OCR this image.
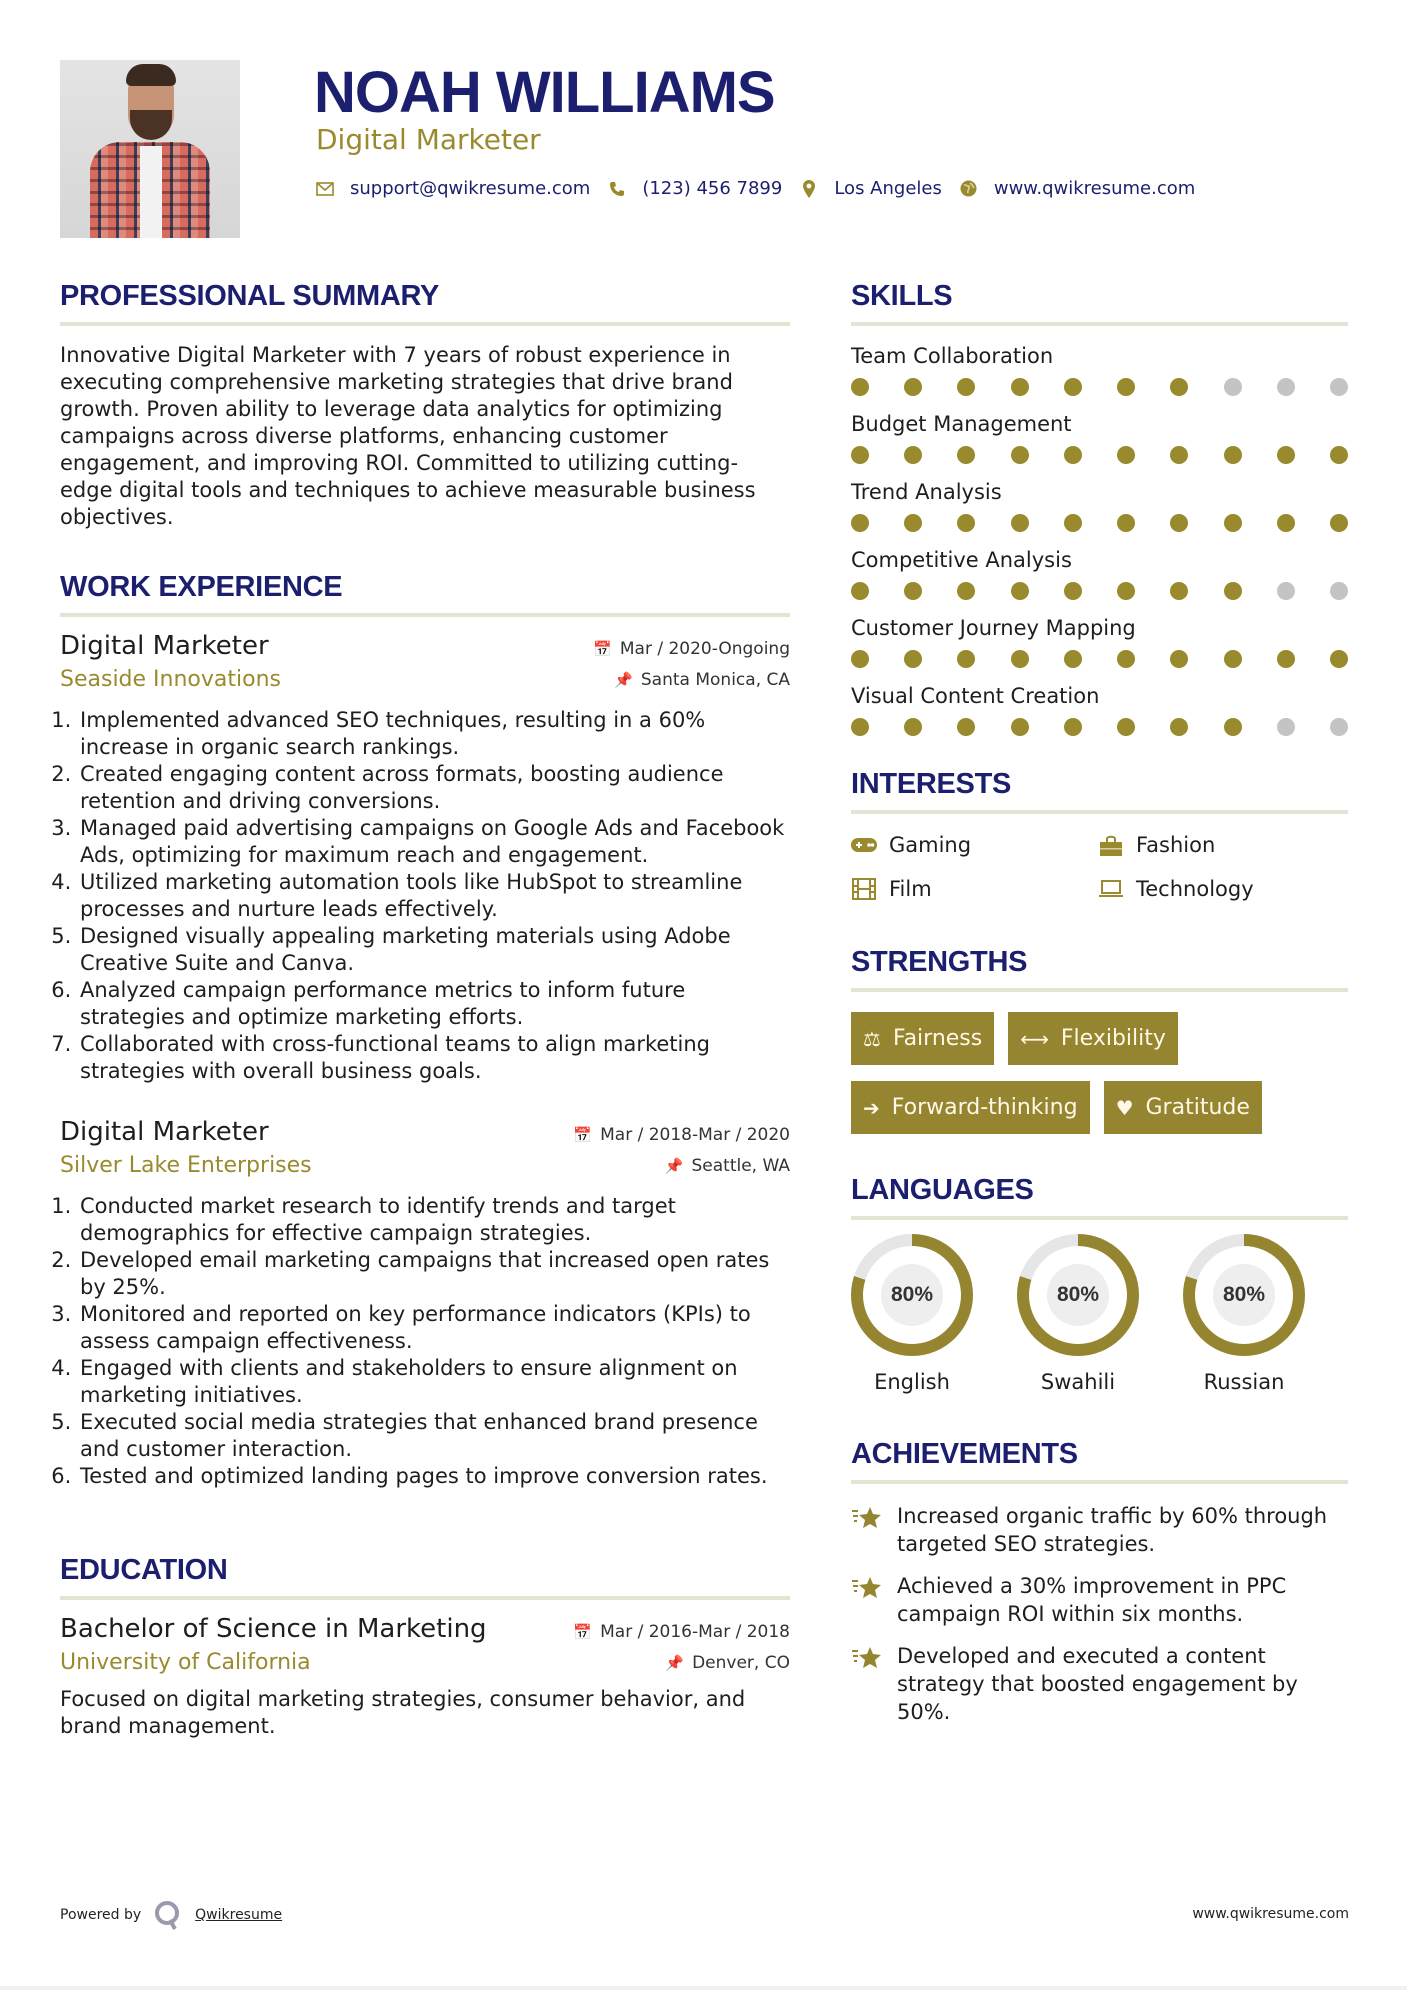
NOAH WILLIAMS
Digital Marketer
support@qwikresume.com	(123) 456 7899	Los Angeles	www.qwikresume.com
PROFESSIONAL SUMMARY

Innovative Digital Marketer with 7 years of robust experience in executing comprehensive marketing strategies that drive brand growth. Proven ability to leverage data analytics for optimizing campaigns across diverse platforms, enhancing customer engagement, and improving ROI. Committed to utilizing cutting-edge digital tools and techniques to achieve measurable business objectives.

WORK EXPERIENCE
Digital Marketer	📅 Mar / 2020-Ongoing
Seaside Innovations	📌 Santa Monica, CA
1. Implemented advanced SEO techniques, resulting in a 60% increase in organic search rankings.
2. Created engaging content across formats, boosting audience retention and driving conversions.
3. Managed paid advertising campaigns on Google Ads and Facebook Ads, optimizing for maximum reach and engagement.
4. Utilized marketing automation tools like HubSpot to streamline processes and nurture leads effectively.
5. Designed visually appealing marketing materials using Adobe Creative Suite and Canva.
6. Analyzed campaign performance metrics to inform future strategies and optimize marketing efforts.
7. Collaborated with cross-functional teams to align marketing strategies with overall business goals.
Digital Marketer	📅 Mar / 2018-Mar / 2020
Silver Lake Enterprises	📌 Seattle, WA
1. Conducted market research to identify trends and target demographics for effective campaign strategies.
2. Developed email marketing campaigns that increased open rates by 25%.
3. Monitored and reported on key performance indicators (KPIs) to assess campaign effectiveness.
4. Engaged with clients and stakeholders to ensure alignment on marketing initiatives.
5. Executed social media strategies that enhanced brand presence and customer interaction.
6. Tested and optimized landing pages to improve conversion rates.
EDUCATION
Bachelor of Science in Marketing	📅 Mar / 2016-Mar / 2018
University of California	📌 Denver, CO

Focused on digital marketing strategies, consumer behavior, and brand management.

SKILLS
Team Collaboration
Budget Management
Trend Analysis
Competitive Analysis
Customer Journey Mapping
Visual Content Creation
INTERESTS
Gaming	Fashion
Film	Technology
STRENGTHS
⚖ Fairness ⟷ Flexibility
➔ Forward-thinking ♥ Gratitude
LANGUAGES
80%
English
80%
Swahili
80%
Russian
ACHIEVEMENTS
Increased organic traffic by 60% through targeted SEO strategies.
Achieved a 30% improvement in PPC campaign ROI within six months.
Developed and executed a content strategy that boosted engagement by 50%.
Powered by	Qwikresume	www.qwikresume.com
